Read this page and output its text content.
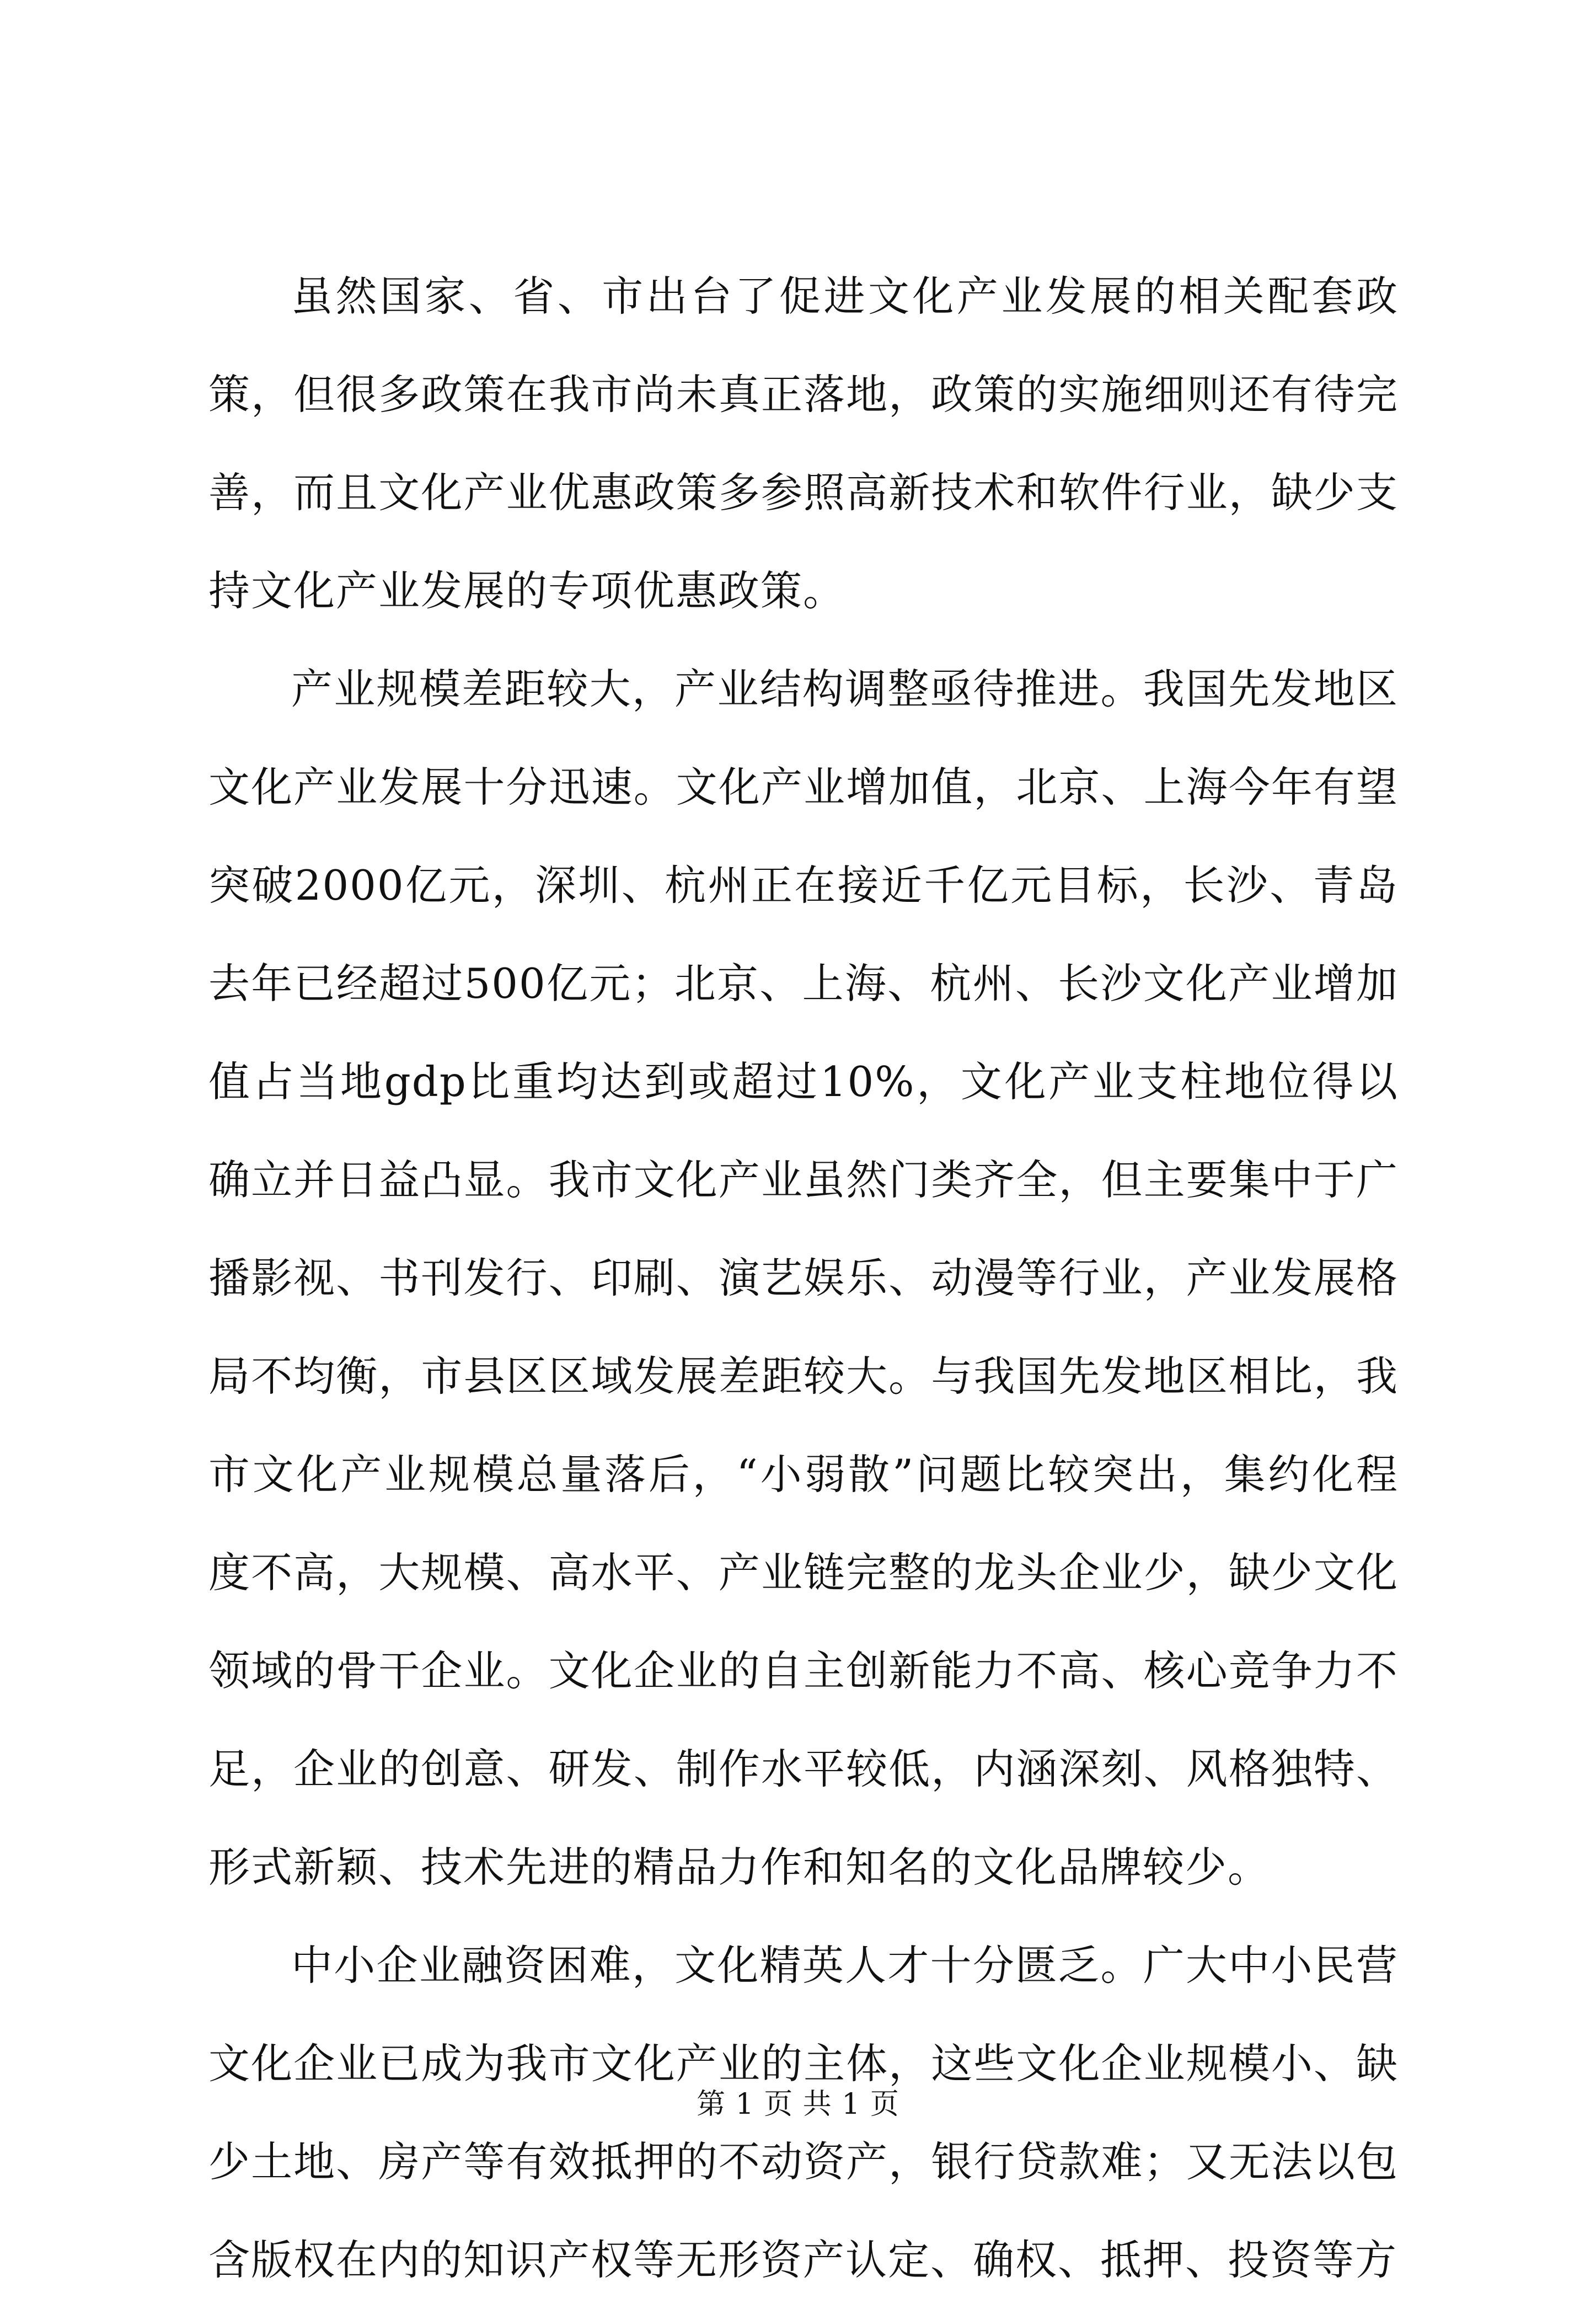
虽然国家、省、市出台了促进文化产业发展的相关配套政策，但很多政策在我市尚未真正落地，政策的实施细则还有待完善，而且文化产业优惠政策多参照高新技术和软件行业，缺少支持文化产业发展的专项优惠政策。

产业规模差距较大，产业结构调整亟待推进。我国先发地区文化产业发展十分迅速。文化产业增加值，北京、上海今年有望突破2000亿元，深圳、杭州正在接近千亿元目标，长沙、青岛去年已经超过500亿元；北京、上海、杭州、长沙文化产业增加值占当地gdp比重均达到或超过10%，文化产业支柱地位得以确立并日益凸显。我市文化产业虽然门类齐全，但主要集中于广播影视、书刊发行、印刷、演艺娱乐、动漫等行业，产业发展格局不均衡，市县区区域发展差距较大。与我国先发地区相比，我市文化产业规模总量落后，“小弱散”问题比较突出，集约化程度不高，大规模、高水平、产业链完整的龙头企业少，缺少文化领域的骨干企业。文化企业的自主创新能力不高、核心竞争力不足，企业的创意、研发、制作水平较低，内涵深刻、风格独特、形式新颖、技术先进的精品力作和知名的文化品牌较少。

中小企业融资困难，文化精英人才十分匮乏。广大中小民营文化企业已成为我市文化产业的主体，这些文化企业规模小、缺少土地、房产等有效抵押的不动资产，银行贷款难；又无法以包含版权在内的知识产权等无形资产认定、确权、抵押、投资等方

第 1 页 共 1 页
